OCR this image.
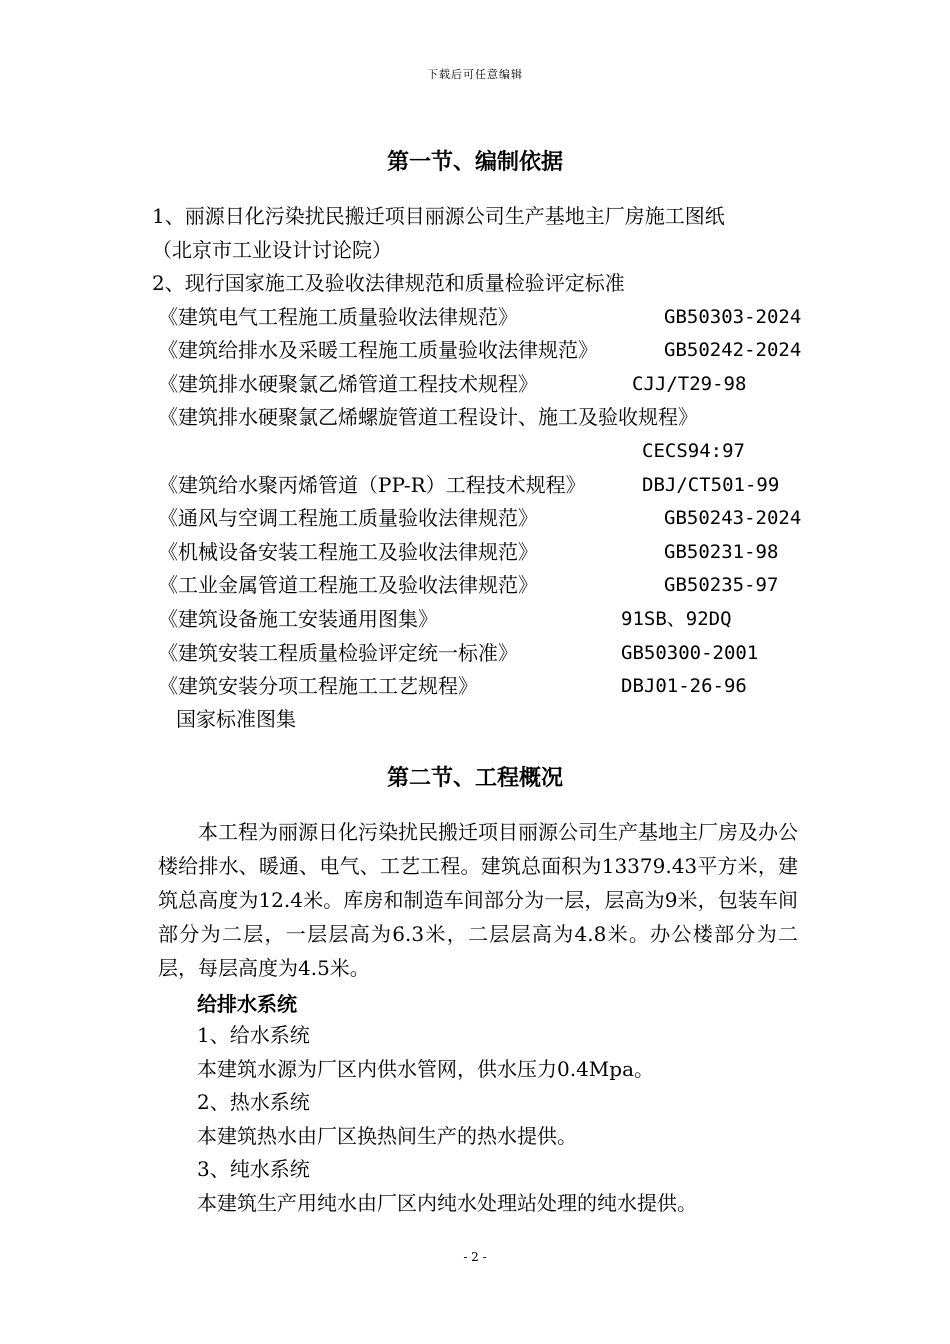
下载后可任意编辑
第一节、编制依据
1、丽源日化污染扰民搬迁项目丽源公司生产基地主厂房施工图纸
（北京市工业设计讨论院）
2、现行国家施工及验收法律规范和质量检验评定标准
《建筑电气工程施工质量验收法律规范》	GB50303-2024
《建筑给排水及采暖工程施工质量验收法律规范》	GB50242-2024
《建筑排水硬聚氯乙烯管道工程技术规程》	CJJ/T29-98
《建筑排水硬聚氯乙烯螺旋管道工程设计、施工及验收规程》
CECS94:97
《建筑给水聚丙烯管道（PP-R）工程技术规程》	DBJ/CT501-99
《通风与空调工程施工质量验收法律规范》	GB50243-2024
《机械设备安装工程施工及验收法律规范》	GB50231-98
《工业金属管道工程施工及验收法律规范》	GB50235-97
《建筑设备施工安装通用图集》	91SB、92DQ
《建筑安装工程质量检验评定统一标准》	GB50300-2001
《建筑安装分项工程施工工艺规程》	DBJ01-26-96
国家标准图集
第二节、工程概况
本工程为丽源日化污染扰民搬迁项目丽源公司生产基地主厂房及办公楼给排水、暖通、电气、工艺工程。建筑总面积为13379.43平方米，建筑总高度为12.4米。库房和制造车间部分为一层，层高为9米，包装车间部分为二层，一层层高为6.3米，二层层高为4.8米。办公楼部分为二层，每层高度为4.5米。
给排水系统
1、给水系统
本建筑水源为厂区内供水管网，供水压力0.4Mpa。
2、热水系统
本建筑热水由厂区换热间生产的热水提供。
3、纯水系统
本建筑生产用纯水由厂区内纯水处理站处理的纯水提供。
- 2 -
